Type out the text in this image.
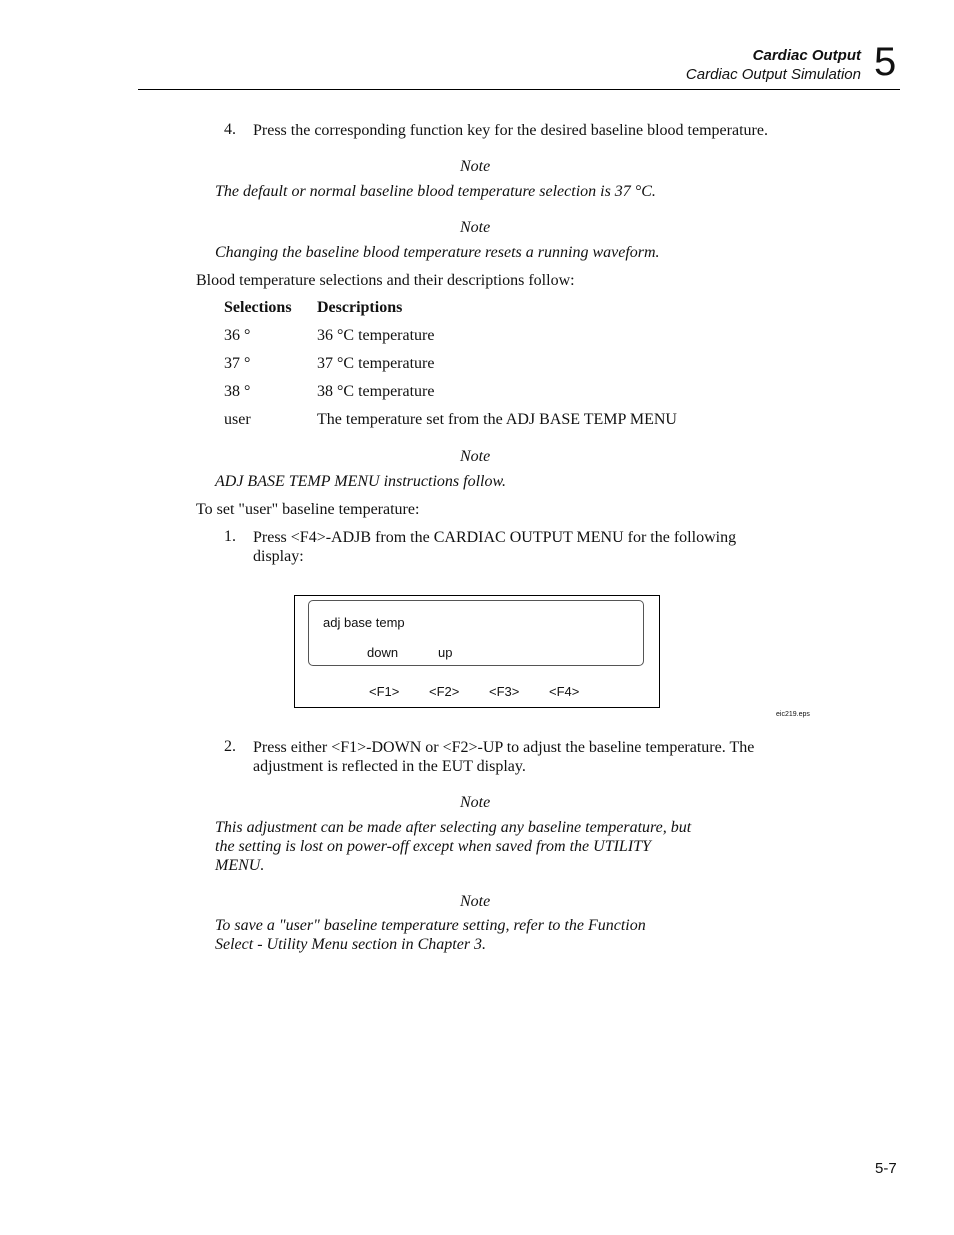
Cardiac Output
Cardiac Output Simulation 5
4. Press the corresponding function key for the desired baseline blood temperature.
Note
The default or normal baseline blood temperature selection is 37 °C.
Note
Changing the baseline blood temperature resets a running waveform.
Blood temperature selections and their descriptions follow:
Selections Descriptions
36 °	36 °C temperature
37 °	37 °C temperature
38 °	38 °C temperature
user	The temperature set from the ADJ BASE TEMP MENU
Note
ADJ BASE TEMP MENU instructions follow.
To set "user" baseline temperature:
1. Press <F4>-ADJB from the CARDIAC OUTPUT MENU for the following
display:
adj base temp
down	up
<F1> <F2> <F3> <F4>
eic219.eps
2. Press either <F1>-DOWN or <F2>-UP to adjust the baseline temperature. The
adjustment is reflected in the EUT display.
Note
This adjustment can be made after selecting any baseline temperature, but
the setting is lost on power-off except when saved from the UTILITY
MENU.
Note
To save a "user" baseline temperature setting, refer to the Function
Select - Utility Menu section in Chapter 3.
5-7
